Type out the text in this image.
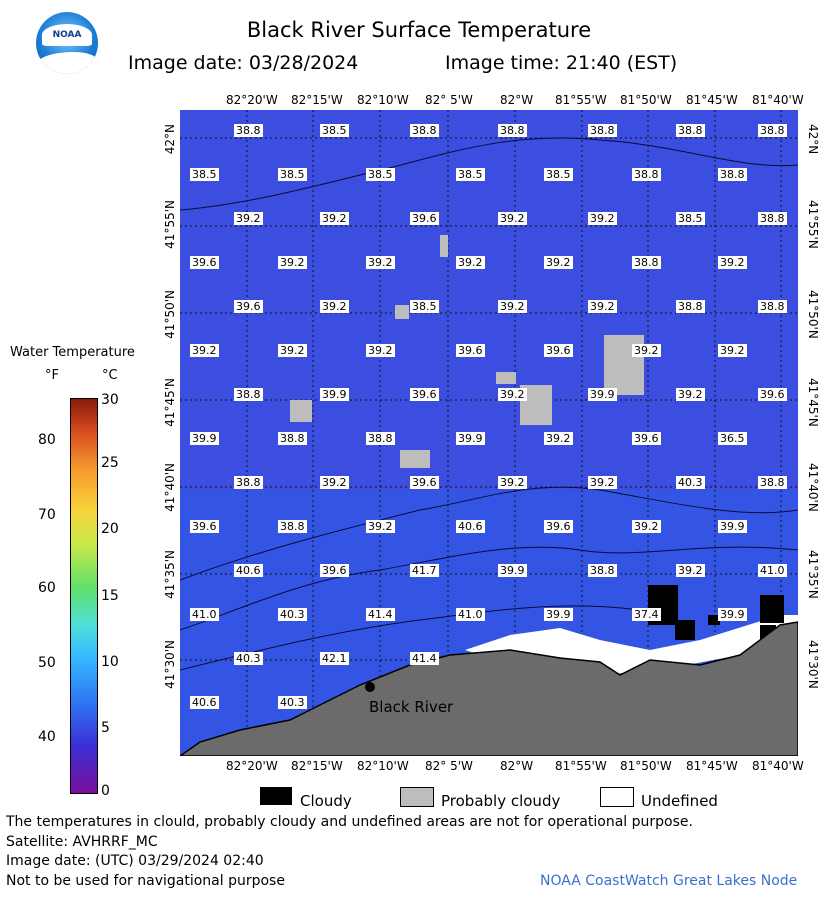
NOAA	Black River Surface Temperature
Image date: 03/28/2024	Image time: 21:40 (EST)
82°20'W 82°15'W 82°10'W 82° 5'W 82°W 81°55'W 81°50'W 81°45'W 81°40'W
82°20'W 82°15'W 82°10'W 82° 5'W 82°W 81°55'W 81°50'W 81°45'W 81°40'W
42°N
41°55'N
41°50'N
41°45'N
41°40'N
41°35'N
41°30'N
42°N
41°55'N
41°50'N
41°45'N
41°40'N
41°35'N
41°30'N
38.8	38.5	38.8	38.8	38.8	38.8	38.8
38.5	38.5	38.5	38.5	38.5	38.8	38.8
39.2	39.2	39.6	39.2	39.2	38.5	38.8
39.6	39.2	39.2	39.2	39.2	38.8	39.2
39.6	39.2	38.5	39.2	39.2	38.8	38.8
39.2	39.2	39.2	39.6	39.6	39.2	39.2
38.8	39.9	39.6	39.2	39.9	39.2	39.6
39.9	38.8	38.8	39.9	39.2	39.6	36.5
38.8	39.2	39.6	39.2	39.2	40.3	38.8
39.6	38.8	39.2	40.6	39.6	39.2	39.9
40.6	39.6	41.7	39.9	38.8	39.2	41.0
41.0	40.3	41.4	41.0	39.9	37.4	39.9
40.3	42.1	41.4
40.6	40.3	Black River
Water Temperature
°F	°C
80
70
60
50
40
30
25
20
15
10
5
0
Cloudy	Probably cloudy	Undefined
The temperatures in clould, probably cloudy and undefined areas are not for operational purpose.
Satellite: AVHRRF_MC
Image date: (UTC) 03/29/2024 02:40
Not to be used for navigational purpose	NOAA CoastWatch Great Lakes Node
